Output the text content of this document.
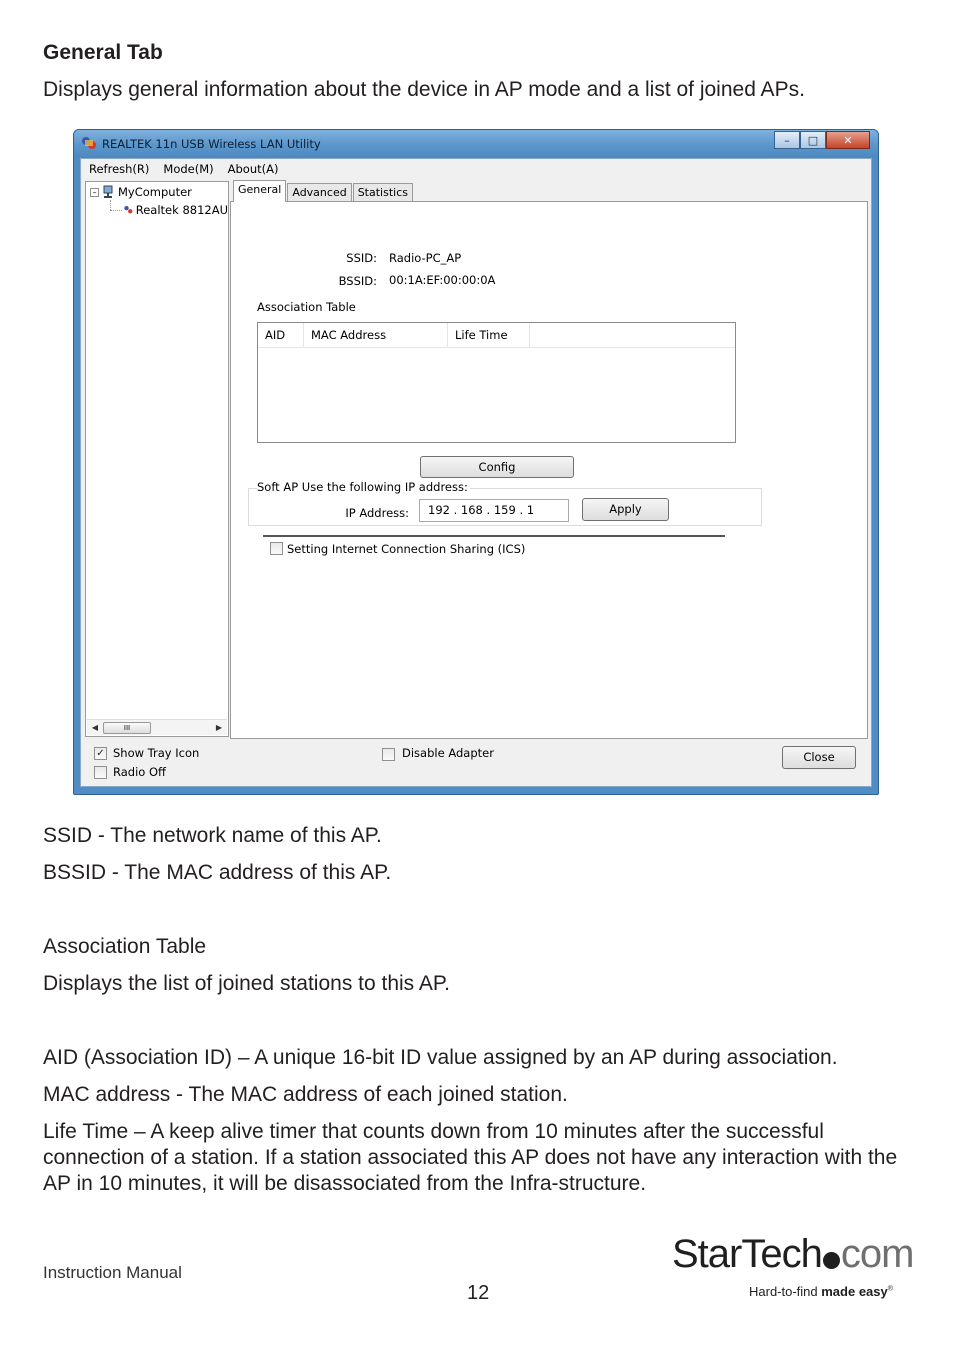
General Tab
Displays general information about the device in AP mode and a list of joined APs.
REALTEK 11n USB Wireless LAN Utility	–	□	✕
Refresh(R) Mode(M) About(A)
– MyComputer
Realtek 8812AU
◀	III	▶
General	Advanced	Statistics
SSID: Radio-PC_AP
BSSID: 00:1A:EF:00:00:0A
Association Table
AID	MAC Address	Life Time
Config
Soft AP Use the following IP address:
IP Address:	192 . 168 . 159 . 1	Apply
Setting Internet Connection Sharing (ICS)
✓ Show Tray Icon
Radio Off
Disable Adapter	Close
SSID - The network name of this AP.
BSSID - The MAC address of this AP.
Association Table
Displays the list of joined stations to this AP.
AID (Association ID) – A unique 16-bit ID value assigned by an AP during association.
MAC address - The MAC address of each joined station.
Life Time – A keep alive timer that counts down from 10 minutes after the successful connection of a station. If a station associated this AP does not have any interaction with the AP in 10 minutes, it will be disassociated from the Infra-structure.
Instruction Manual
12
StarTech com
Hard-to-find made easy®
